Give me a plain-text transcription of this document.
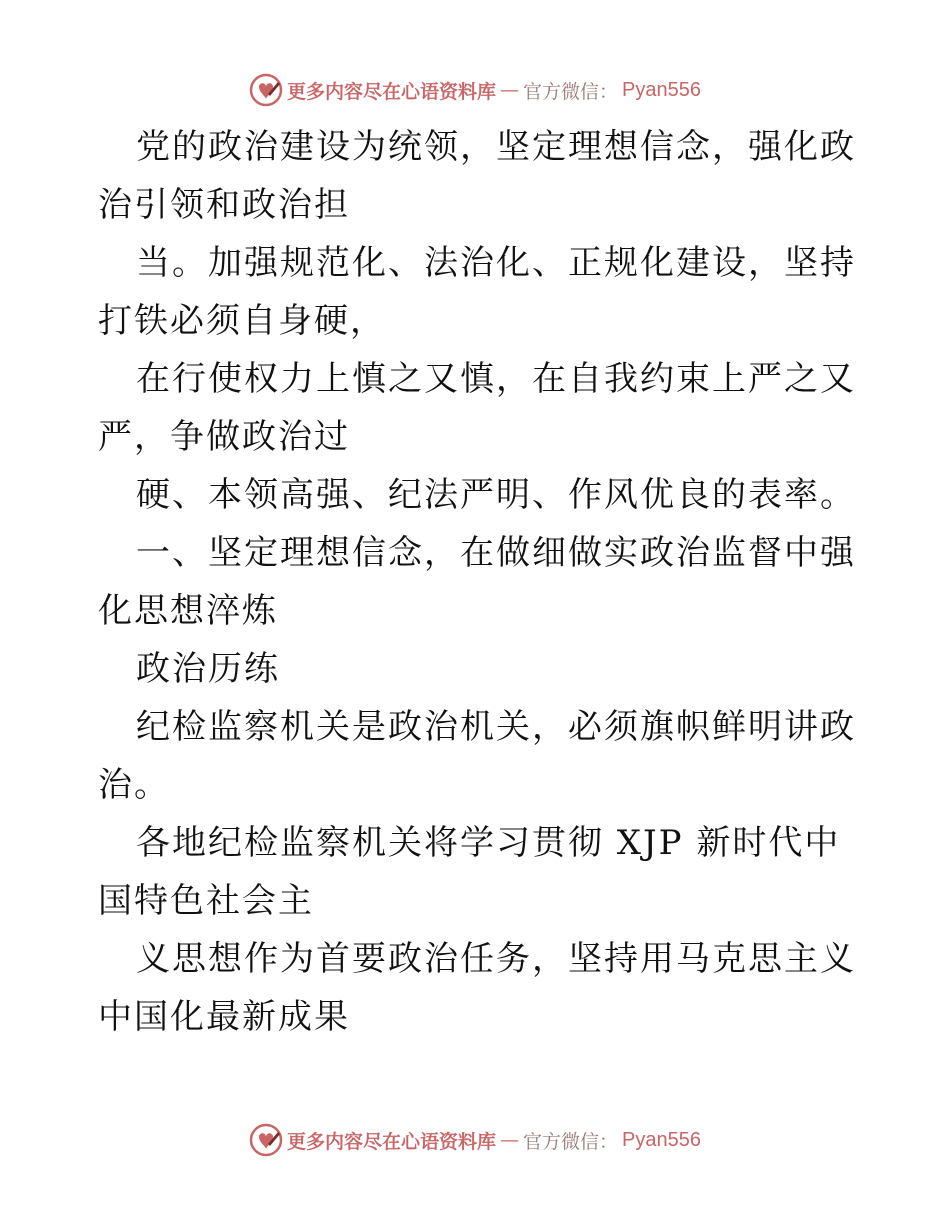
更多内容尽在心语资料库 — 官方微信： Pyan556

党的政治建设为统领，坚定理想信念，强化政治引领和政治担

当。加强规范化、法治化、正规化建设，坚持打铁必须自身硬，

在行使权力上慎之又慎，在自我约束上严之又严，争做政治过

硬、本领高强、纪法严明、作风优良的表率。

一、坚定理想信念，在做细做实政治监督中强化思想淬炼

政治历练

纪检监察机关是政治机关，必须旗帜鲜明讲政治。

各地纪检监察机关将学习贯彻 XJP 新时代中国特色社会主

义思想作为首要政治任务，坚持用马克思主义中国化最新成果

更多内容尽在心语资料库 — 官方微信： Pyan556
